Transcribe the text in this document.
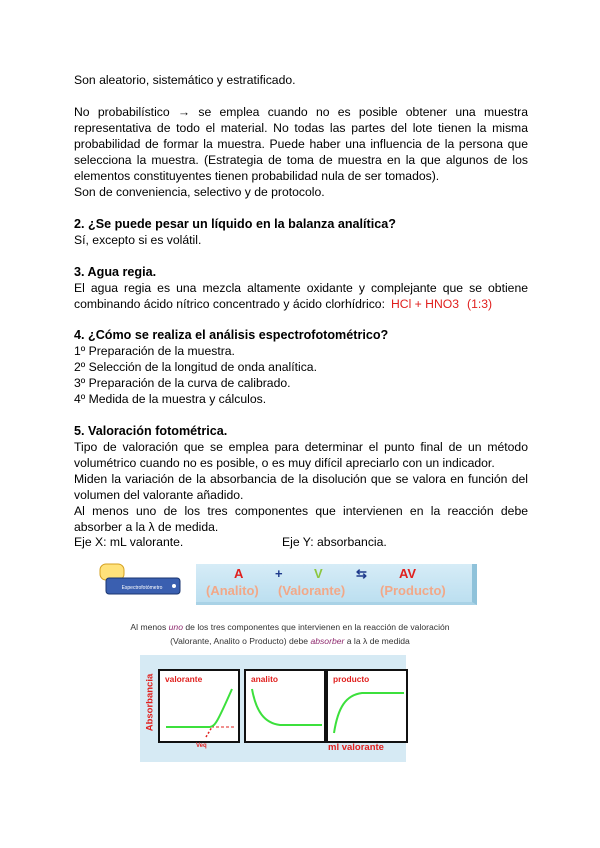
Son aleatorio, sistemático y estratificado.

No probabilístico → se emplea cuando no es posible obtener una muestra representativa de todo el material. No todas las partes del lote tienen la misma probabilidad de formar la muestra. Puede haber una influencia de la persona que selecciona la muestra. (Estrategia de toma de muestra en la que algunos de los elementos constituyentes tienen probabilidad nula de ser tomados).

Son de conveniencia, selectivo y de protocolo.

2. ¿Se puede pesar un líquido en la balanza analítica?

Sí, excepto si es volátil.

3. Agua regia.

El agua regia es una mezcla altamente oxidante y complejante que se obtiene combinando ácido nítrico concentrado y ácido clorhídrico: HCl + HNO3 (1:3)

4. ¿Cómo se realiza el análisis espectrofotométrico?

1º Preparación de la muestra.

2º Selección de la longitud de onda analítica.

3º Preparación de la curva de calibrado.

4º Medida de la muestra y cálculos.

5. Valoración fotométrica.

Tipo de valoración que se emplea para determinar el punto final de un método volumétrico cuando no es posible, o es muy difícil apreciarlo con un indicador.

Miden la variación de la absorbancia de la disolución que se valora en función del volumen del valorante añadido.

Al menos uno de los tres componentes que intervienen en la reacción debe absorber a la λ de medida.

Eje X: mL valorante.	Eje Y: absorbancia.
Espectrofotómetro
A + V	⇆ AV
(Analito) (Valorante)	(Producto)
Al menos uno de los tres componentes que intervienen en la reacción de valoración (Valorante, Analito o Producto) debe absorber a la λ de medida
Absorbancia valorante	analito	producto
Veq	ml valorante
